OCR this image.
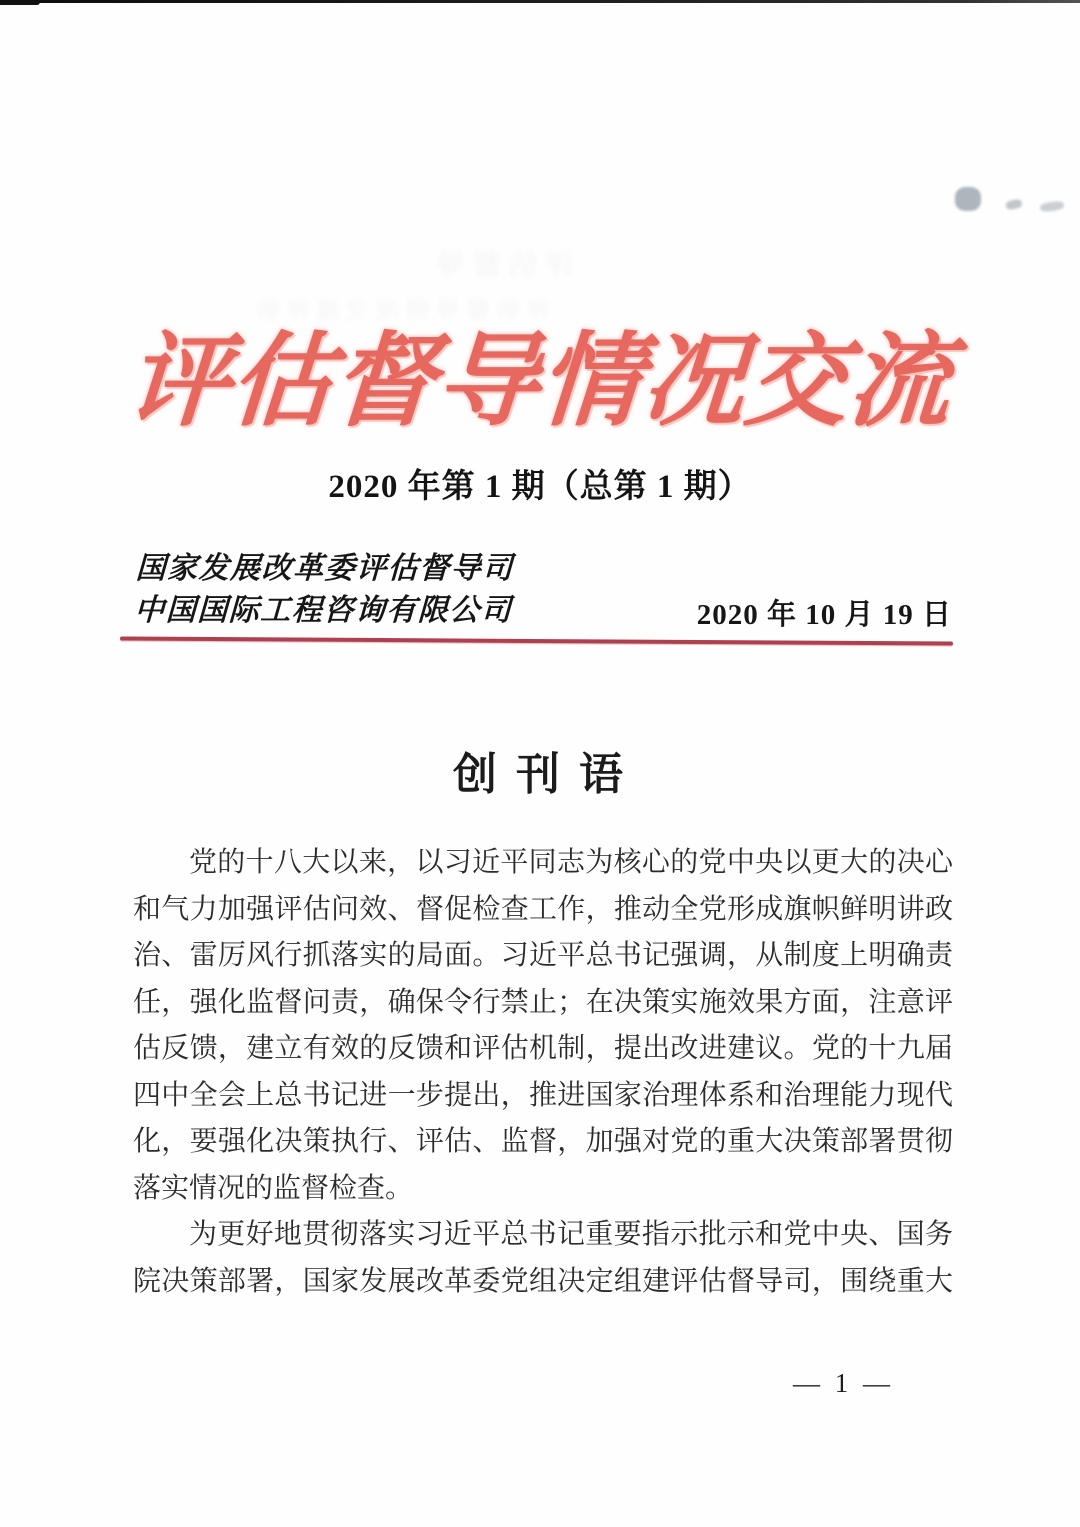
评估督导
评估督导情况交流评估
评估督导情况交流
2020 年第 1 期（总第 1 期）
国家发展改革委评估督导司
中国国际工程咨询有限公司	2020 年 10 月 19 日
创 刊 语
党的十八大以来，以习近平同志为核心的党中央以更大的决心
和气力加强评估问效、督促检查工作，推动全党形成旗帜鲜明讲政
治、雷厉风行抓落实的局面。习近平总书记强调，从制度上明确责
任，强化监督问责，确保令行禁止；在决策实施效果方面，注意评
估反馈，建立有效的反馈和评估机制，提出改进建议。党的十九届
四中全会上总书记进一步提出，推进国家治理体系和治理能力现代
化，要强化决策执行、评估、监督，加强对党的重大决策部署贯彻
落实情况的监督检查。
为更好地贯彻落实习近平总书记重要指示批示和党中央、国务
院决策部署，国家发展改革委党组决定组建评估督导司，围绕重大
— 1 —
